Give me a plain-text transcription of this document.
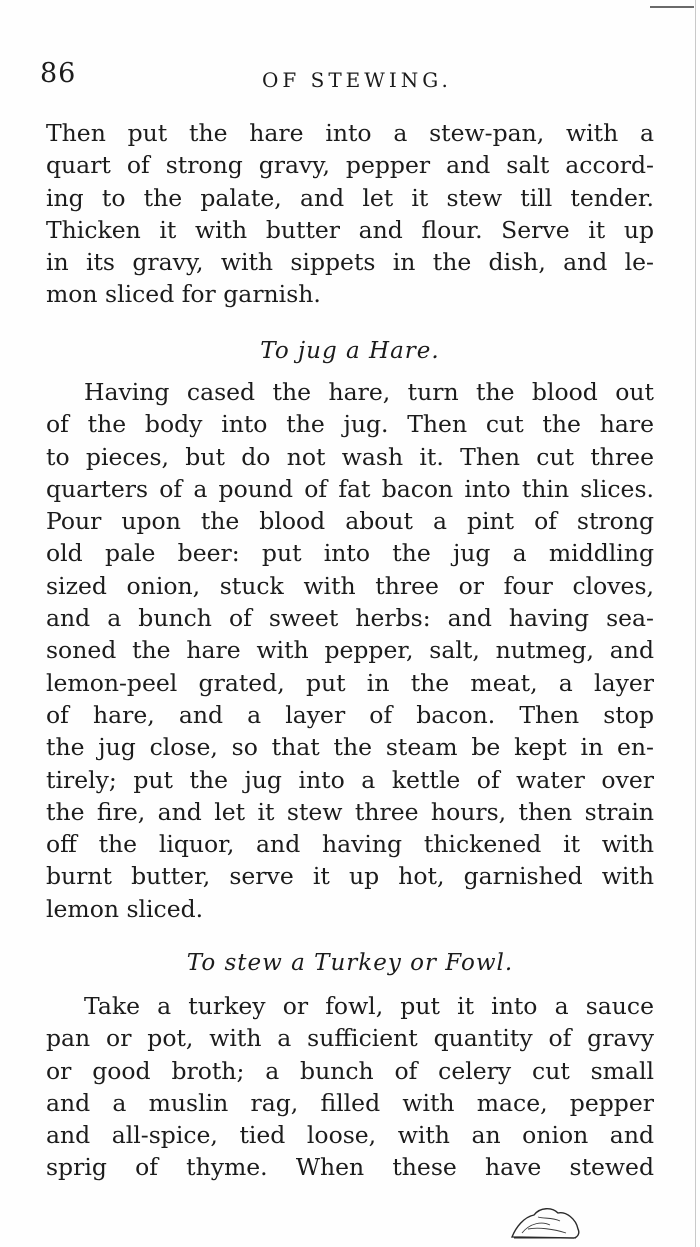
86	OF STEWING.
Then put the hare into a stew-pan, with a
quart of strong gravy, pepper and salt accord-
ing to the palate, and let it stew till tender.
Thicken it with butter and flour. Serve it up
in its gravy, with sippets in the dish, and le-
mon sliced for garnish.
To jug a Hare.
Having cased the hare, turn the blood out
of the body into the jug. Then cut the hare
to pieces, but do not wash it. Then cut three
quarters of a pound of fat bacon into thin slices.
Pour upon the blood about a pint of strong
old pale beer: put into the jug a middling
sized onion, stuck with three or four cloves,
and a bunch of sweet herbs: and having sea-
soned the hare with pepper, salt, nutmeg, and
lemon-peel grated, put in the meat, a layer
of hare, and a layer of bacon. Then stop
the jug close, so that the steam be kept in en-
tirely; put the jug into a kettle of water over
the fire, and let it stew three hours, then strain
off the liquor, and having thickened it with
burnt butter, serve it up hot, garnished with
lemon sliced.
To stew a Turkey or Fowl.
Take a turkey or fowl, put it into a sauce
pan or pot, with a sufficient quantity of gravy
or good broth; a bunch of celery cut small
and a muslin rag, filled with mace, pepper
and all-spice, tied loose, with an onion and
sprig of thyme. When these have stewed
